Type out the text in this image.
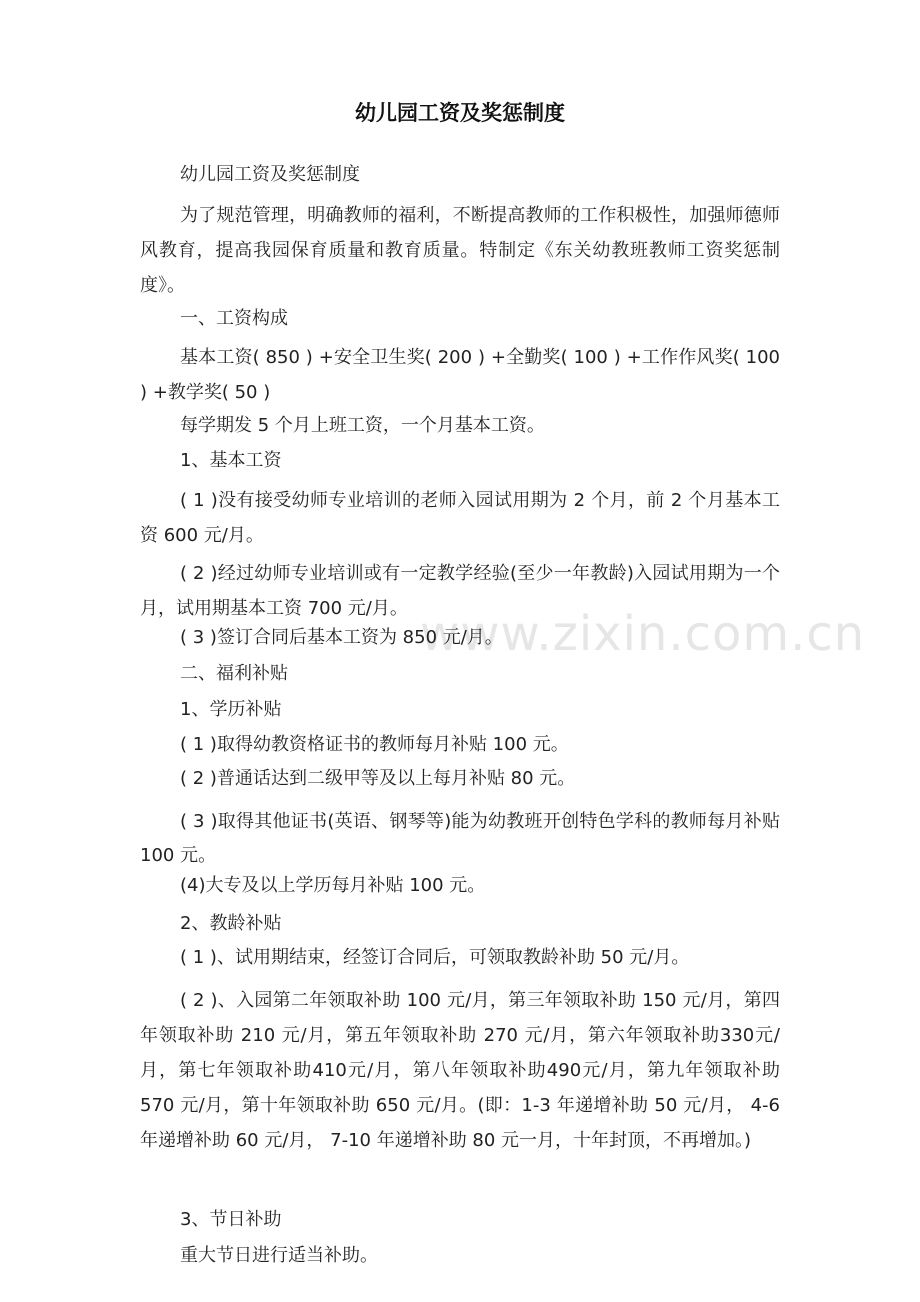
www.zixin.com.cn
幼儿园工资及奖惩制度

幼儿园工资及奖惩制度

为了规范管理，明确教师的福利，不断提高教师的工作积极性，加强师德师风教育，提高我园保育质量和教育质量。特制定《东关幼教班教师工资奖惩制度》。

一、工资构成

基本工资( 850 ) +安全卫生奖( 200 ) +全勤奖( 100 ) +工作作风奖( 100 ) +教学奖( 50 )

每学期发 5 个月上班工资，一个月基本工资。

1、基本工资

( 1 )没有接受幼师专业培训的老师入园试用期为 2 个月，前 2 个月基本工资 600 元/月。

( 2 )经过幼师专业培训或有一定教学经验(至少一年教龄)入园试用期为一个月，试用期基本工资 700 元/月。

( 3 )签订合同后基本工资为 850 元/月。

二、福利补贴

1、学历补贴

( 1 )取得幼教资格证书的教师每月补贴 100 元。

( 2 )普通话达到二级甲等及以上每月补贴 80 元。

( 3 )取得其他证书(英语、钢琴等)能为幼教班开创特色学科的教师每月补贴 100 元。

(4)大专及以上学历每月补贴 100 元。

2、教龄补贴

( 1 )、试用期结束，经签订合同后，可领取教龄补助 50 元/月。

( 2 )、入园第二年领取补助 100 元/月，第三年领取补助 150 元/月，第四年领取补助 210 元/月，第五年领取补助 270 元/月，第六年领取补助330元/月，第七年领取补助410元/月，第八年领取补助490元/月，第九年领取补助 570 元/月，第十年领取补助 650 元/月。(即：1-3 年递增补助 50 元/月， 4-6 年递增补助 60 元/月， 7-10 年递增补助 80 元一月，十年封顶，不再增加。)

3、节日补助

重大节日进行适当补助。
